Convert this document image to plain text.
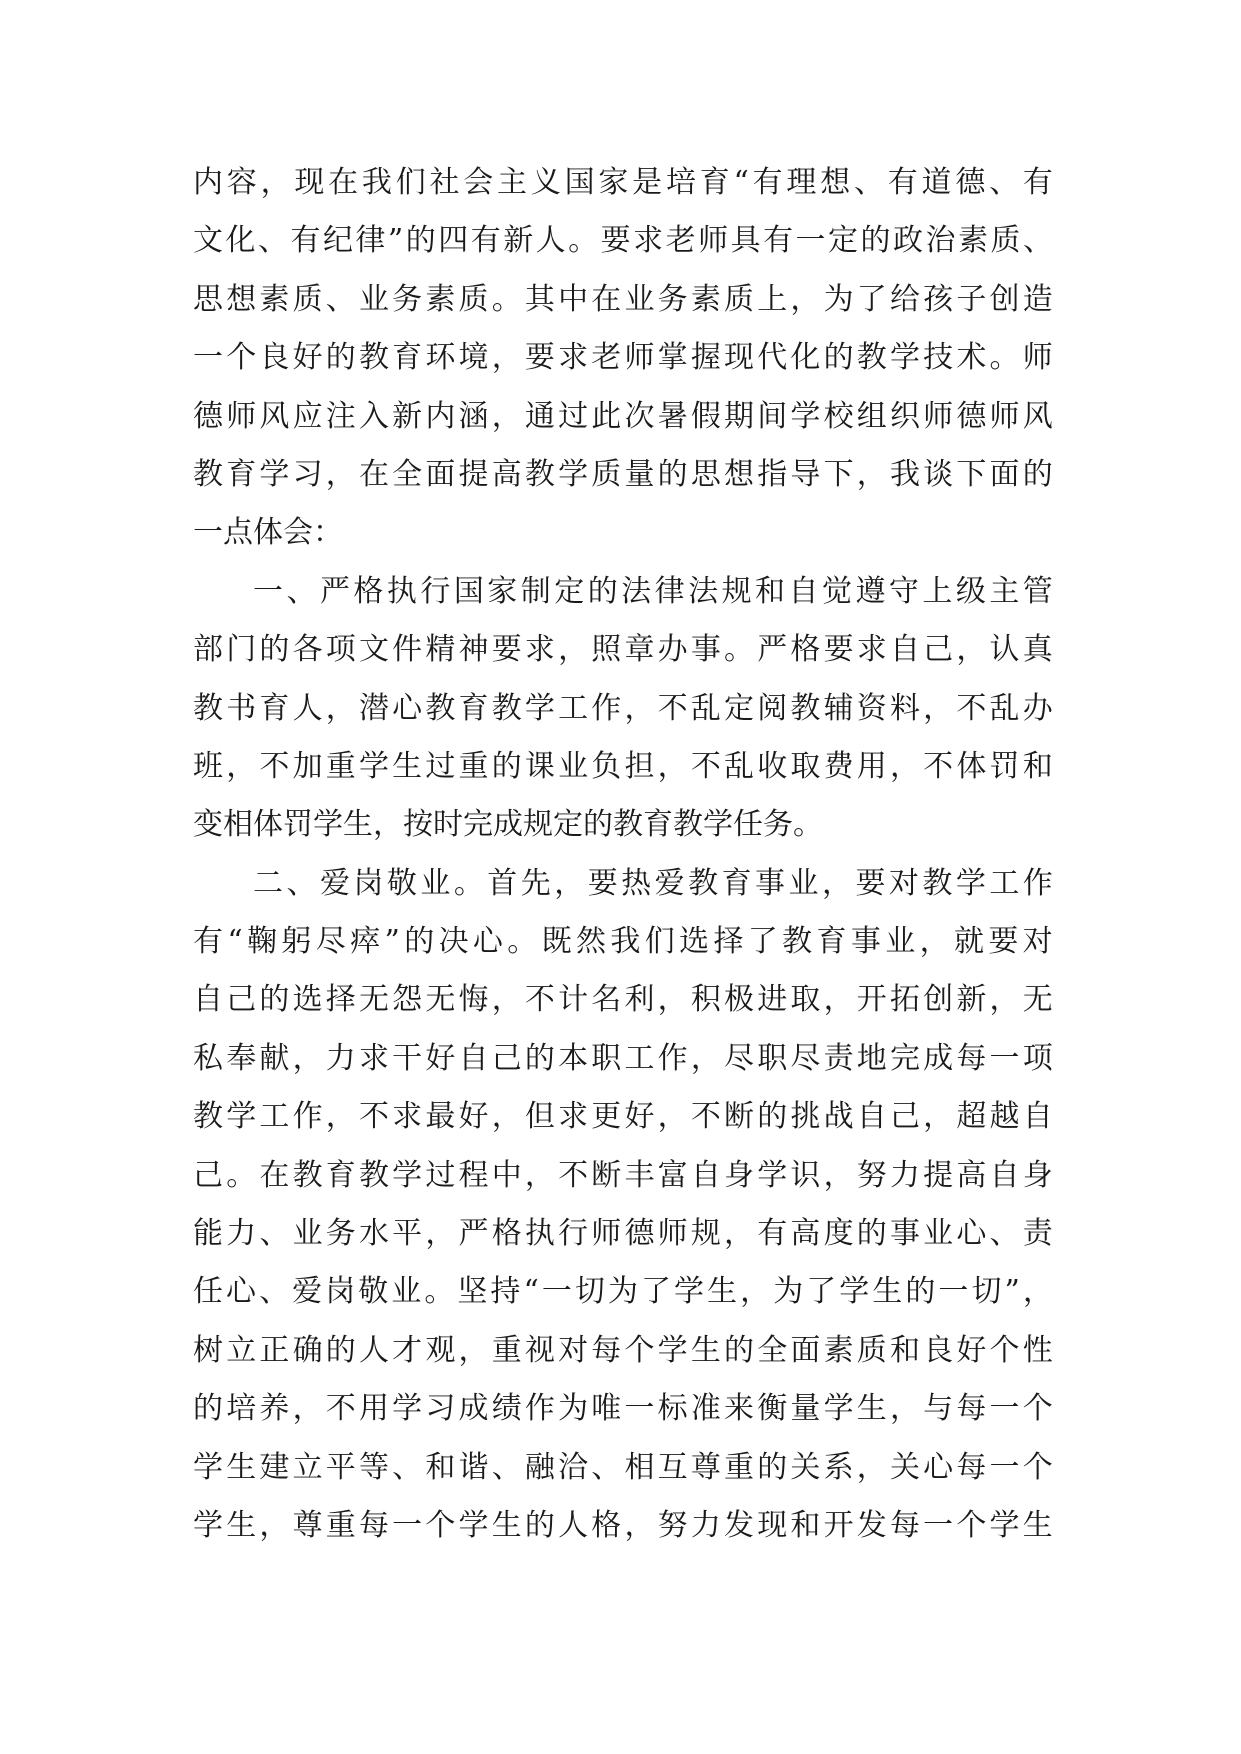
内 容 ， 现 在 我 们 社 会 主 义 国 家 是 培 育 “ 有 理 想 、 有 道 德 、 有
文 化 、 有 纪 律 ” 的 四 有 新 人 。 要 求 老 师 具 有 一 定 的 政 治 素 质 、
思 想 素 质 、 业 务 素 质 。 其 中 在 业 务 素 质 上 ， 为 了 给 孩 子 创 造
一 个 良 好 的 教 育 环 境 ， 要 求 老 师 掌 握 现 代 化 的 教 学 技 术 。 师
德 师 风 应 注 入 新 内 涵 ， 通 过 此 次 暑 假 期 间 学 校 组 织 师 德 师 风
教 育 学 习 ， 在 全 面 提 高 教 学 质 量 的 思 想 指 导 下 ， 我 谈 下 面 的
一 点 体 会 ：
一 、 严 格 执 行 国 家 制 定 的 法 律 法 规 和 自 觉 遵 守 上 级 主 管
部 门 的 各 项 文 件 精 神 要 求 ， 照 章 办 事 。 严 格 要 求 自 己 ， 认 真
教 书 育 人 ， 潜 心 教 育 教 学 工 作 ， 不 乱 定 阅 教 辅 资 料 ， 不 乱 办
班 ， 不 加 重 学 生 过 重 的 课 业 负 担 ， 不 乱 收 取 费 用 ， 不 体 罚 和
变 相 体 罚 学 生 ， 按 时 完 成 规 定 的 教 育 教 学 任 务 。
二 、 爱 岗 敬 业 。 首 先 ， 要 热 爱 教 育 事 业 ， 要 对 教 学 工 作
有 “ 鞠 躬 尽 瘁 ” 的 决 心 。 既 然 我 们 选 择 了 教 育 事 业 ， 就 要 对
自 己 的 选 择 无 怨 无 悔 ， 不 计 名 利 ， 积 极 进 取 ， 开 拓 创 新 ， 无
私 奉 献 ， 力 求 干 好 自 己 的 本 职 工 作 ， 尽 职 尽 责 地 完 成 每 一 项
教 学 工 作 ， 不 求 最 好 ， 但 求 更 好 ， 不 断 的 挑 战 自 己 ， 超 越 自
己 。 在 教 育 教 学 过 程 中 ， 不 断 丰 富 自 身 学 识 ， 努 力 提 高 自 身
能 力 、 业 务 水 平 ， 严 格 执 行 师 德 师 规 ， 有 高 度 的 事 业 心 、 责
任 心 、 爱 岗 敬 业 。 坚 持 “ 一 切 为 了 学 生 ， 为 了 学 生 的 一 切 ” ，
树 立 正 确 的 人 才 观 ， 重 视 对 每 个 学 生 的 全 面 素 质 和 良 好 个 性
的 培 养 ， 不 用 学 习 成 绩 作 为 唯 一 标 准 来 衡 量 学 生 ， 与 每 一 个
学 生 建 立 平 等 、 和 谐 、 融 洽 、 相 互 尊 重 的 关 系 ， 关 心 每 一 个
学 生 ， 尊 重 每 一 个 学 生 的 人 格 ， 努 力 发 现 和 开 发 每 一 个 学 生
